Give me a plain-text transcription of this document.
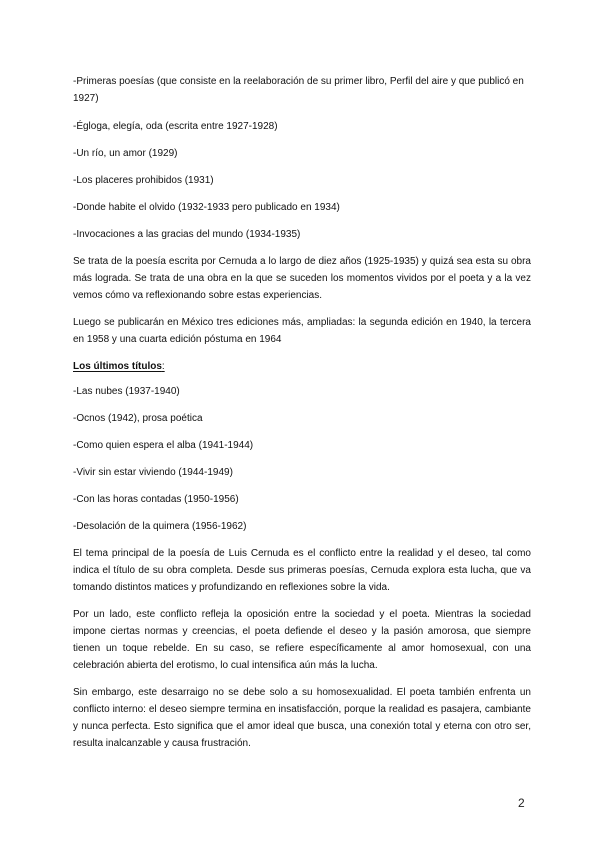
-Primeras poesías (que consiste en la reelaboración de su primer libro, Perfil del aire y que publicó en 1927)
-Égloga, elegía, oda (escrita entre 1927-1928)
-Un río, un amor (1929)
-Los placeres prohibidos (1931)
-Donde habite el olvido (1932-1933 pero publicado en 1934)
-Invocaciones a las gracias del mundo (1934-1935)

Se trata de la poesía escrita por Cernuda a lo largo de diez años (1925-1935) y quizá sea esta su obra más lograda. Se trata de una obra en la que se suceden los momentos vividos por el poeta y a la vez vemos cómo va reflexionando sobre estas experiencias.

Luego se publicarán en México tres ediciones más, ampliadas: la segunda edición en 1940, la tercera en 1958 y una cuarta edición póstuma en 1964

Los últimos títulos:
-Las nubes (1937-1940)
-Ocnos (1942), prosa poética
-Como quien espera el alba (1941-1944)
-Vivir sin estar viviendo (1944-1949)
-Con las horas contadas (1950-1956)
-Desolación de la quimera (1956-1962)

El tema principal de la poesía de Luis Cernuda es el conflicto entre la realidad y el deseo, tal como indica el título de su obra completa. Desde sus primeras poesías, Cernuda explora esta lucha, que va tomando distintos matices y profundizando en reflexiones sobre la vida.

Por un lado, este conflicto refleja la oposición entre la sociedad y el poeta. Mientras la sociedad impone ciertas normas y creencias, el poeta defiende el deseo y la pasión amorosa, que siempre tienen un toque rebelde. En su caso, se refiere específicamente al amor homosexual, con una celebración abierta del erotismo, lo cual intensifica aún más la lucha.

Sin embargo, este desarraigo no se debe solo a su homosexualidad. El poeta también enfrenta un conflicto interno: el deseo siempre termina en insatisfacción, porque la realidad es pasajera, cambiante y nunca perfecta. Esto significa que el amor ideal que busca, una conexión total y eterna con otro ser, resulta inalcanzable y causa frustración.

2
